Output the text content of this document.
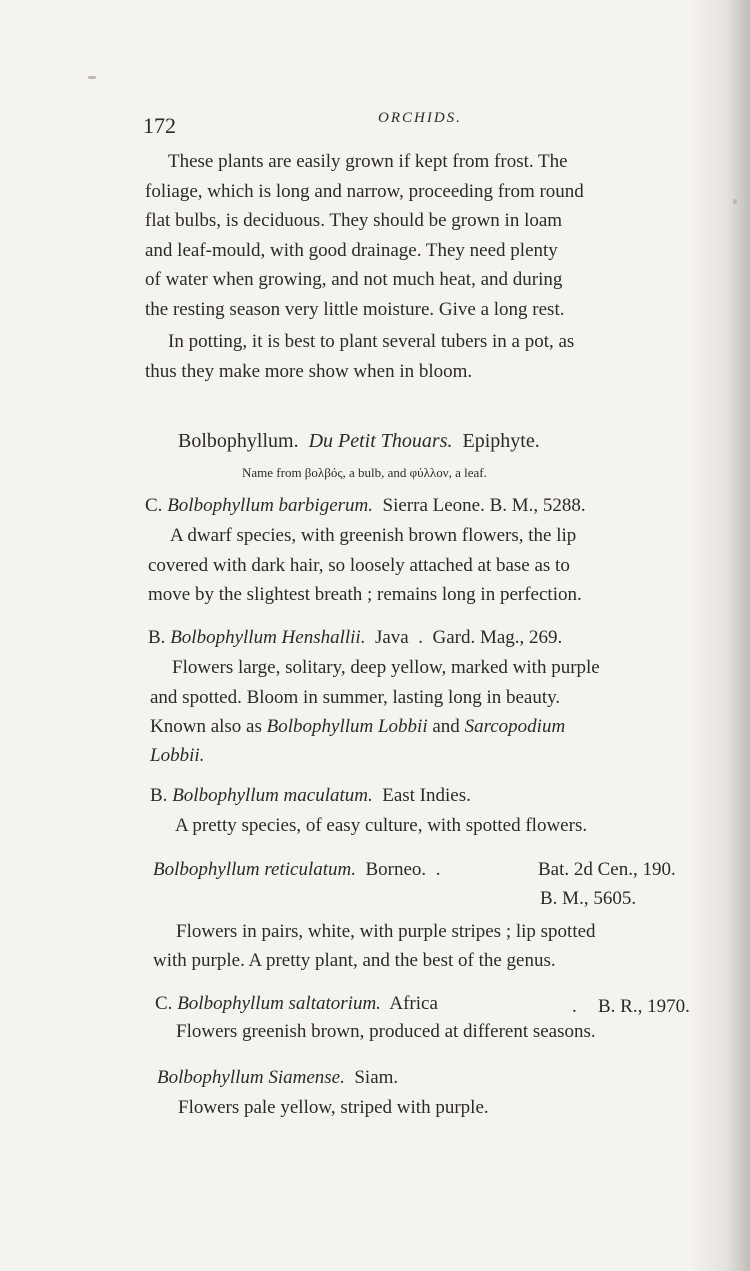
172	ORCHIDS.
These plants are easily grown if kept from frost. The
foliage, which is long and narrow, proceeding from round
flat bulbs, is deciduous. They should be grown in loam
and leaf-mould, with good drainage. They need plenty
of water when growing, and not much heat, and during
the resting season very little moisture. Give a long rest.
In potting, it is best to plant several tubers in a pot, as
thus they make more show when in bloom.
Bolbophyllum. Du Petit Thouars. Epiphyte.
Name from βολβός, a bulb, and φύλλον, a leaf.
C. Bolbophyllum barbigerum. Sierra Leone. B. M., 5288.
A dwarf species, with greenish brown flowers, the lip
covered with dark hair, so loosely attached at base as to
move by the slightest breath ; remains long in perfection.
B. Bolbophyllum Henshallii. Java . Gard. Mag., 269.
Flowers large, solitary, deep yellow, marked with purple
and spotted. Bloom in summer, lasting long in beauty.
Known also as Bolbophyllum Lobbii and Sarcopodium
Lobbii.
B. Bolbophyllum maculatum. East Indies.
A pretty species, of easy culture, with spotted flowers.
Bolbophyllum reticulatum. Borneo. .	Bat. 2d Cen., 190.
B. M., 5605.
Flowers in pairs, white, with purple stripes ; lip spotted
with purple. A pretty plant, and the best of the genus.
C. Bolbophyllum saltatorium. Africa	. B. R., 1970.
Flowers greenish brown, produced at different seasons.
Bolbophyllum Siamense. Siam.
Flowers pale yellow, striped with purple.
